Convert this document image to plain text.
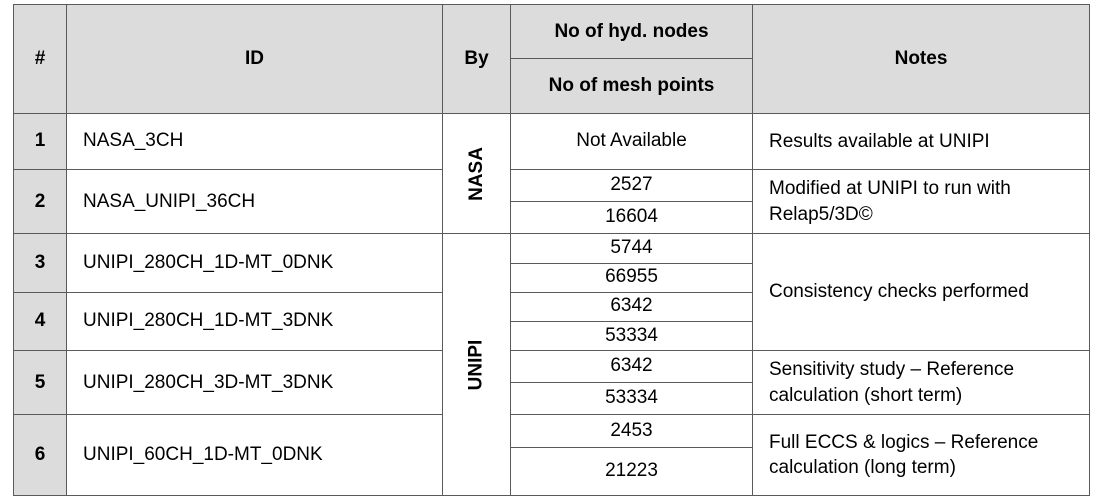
#	ID	By	No of hyd. nodes	Notes
			No of mesh points	
1	NASA_3CH	NASA	Not Available	Results available at UNIPI
2	NASA_UNIPI_36CH		2527	Modified at UNIPI to run with Relap5/3D©
			16604	
3	UNIPI_280CH_1D-MT_0DNK	UNIPI	5744	Consistency checks performed
			66955	
4	UNIPI_280CH_1D-MT_3DNK		6342	
			53334	
5	UNIPI_280CH_3D-MT_3DNK		6342	Sensitivity study – Reference calculation (short term)
			53334	
6	UNIPI_60CH_1D-MT_0DNK		2453	Full ECCS & logics – Reference calculation (long term)
			21223	
